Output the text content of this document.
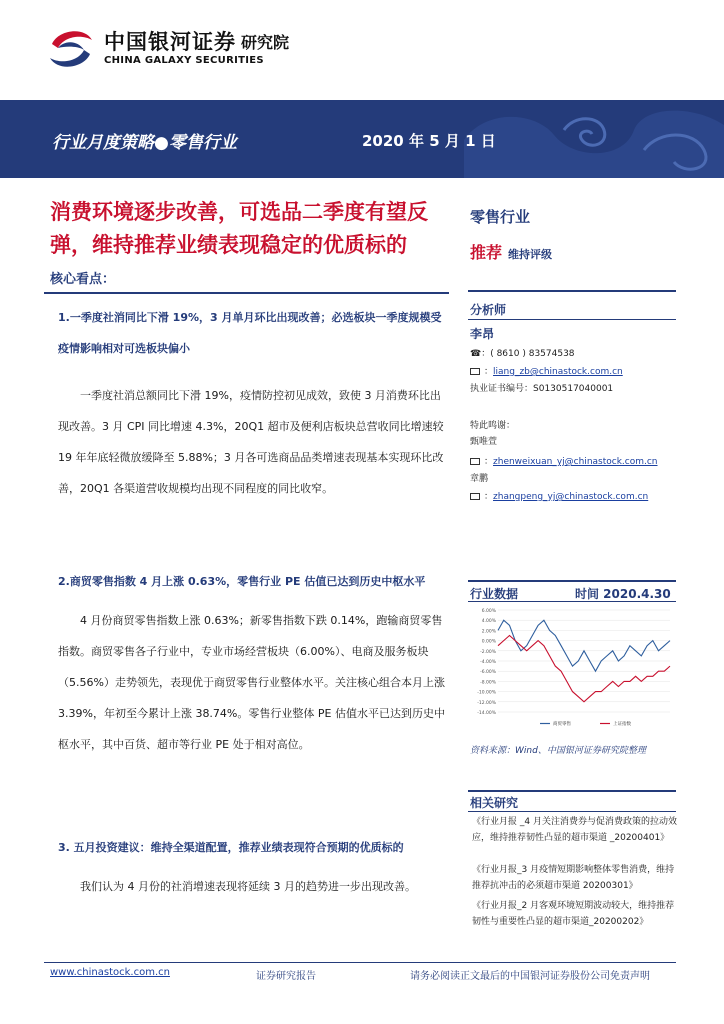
中国银河证券
CHINA GALAXY SECURITIES
研究院
行业月度策略●零售行业	2020 年 5 月 1 日
消费环境逐步改善，可选品二季度有望反弹，维持推荐业绩表现稳定的优质标的
核心看点：
零售行业
推荐 维持评级
分析师
李昂
☎：( 8610 ) 83574538
：liang_zb@chinastock.com.cn
执业证书编号：S0130517040001
特此鸣谢：
甄唯萱
：zhenweixuan_yj@chinastock.com.cn
章鹏
：zhangpeng_yj@chinastock.com.cn
行业数据	时间 2020.4.30
6.00%
4.00%
2.00%
0.00%
-2.00%
-4.00%
-6.00%
-8.00%
-10.00%
-12.00%
-14.00%
商贸零售	上证指数
资料来源：Wind、中国银河证券研究院整理
相关研究
《行业月报 _4 月关注消费券与促消费政策的拉动效应，维持推荐韧性凸显的超市渠道 _20200401》
《行业月报_3 月疫情短期影响整体零售消费，维持推荐抗冲击的必须超市渠道 20200301》
《行业月报_2 月客观环境短期波动较大，维持推荐韧性与重要性凸显的超市渠道_20200202》
1.一季度社消同比下滑 19%，3 月单月环比出现改善；必选板块一季度规模受疫情影响相对可选板块偏小
一季度社消总额同比下滑 19%，疫情防控初见成效，致使 3 月消费环比出现改善。3 月 CPI 同比增速 4.3%，20Q1 超市及便利店板块总营收同比增速较 19 年年底轻微放缓降至 5.88%；3 月各可选商品品类增速表现基本实现环比改善，20Q1 各渠道营收规模均出现不同程度的同比收窄。
2.商贸零售指数 4 月上涨 0.63%，零售行业 PE 估值已达到历史中枢水平
4 月份商贸零售指数上涨 0.63%；新零售指数下跌 0.14%，跑输商贸零售指数。商贸零售各子行业中，专业市场经营板块（6.00%）、电商及服务板块（5.56%）走势领先，表现优于商贸零售行业整体水平。关注核心组合本月上涨 3.39%，年初至今累计上涨 38.74%。零售行业整体 PE 估值水平已达到历史中枢水平，其中百货、超市等行业 PE 处于相对高位。
3. 五月投资建议：维持全渠道配置，推荐业绩表现符合预期的优质标的
我们认为 4 月份的社消增速表现将延续 3 月的趋势进一步出现改善。
www.chinastock.com.cn	证券研究报告	请务必阅读正文最后的中国银河证券股份公司免责声明
